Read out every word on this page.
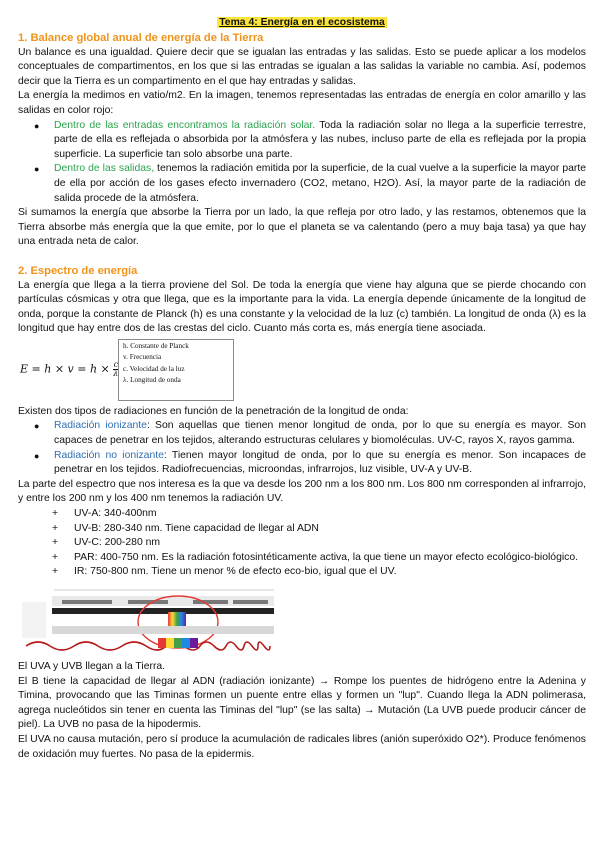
Tema 4: Energía en el ecosistema
1. Balance global anual de energía de la Tierra

Un balance es una igualdad. Quiere decir que se igualan las entradas y las salidas. Esto se puede aplicar a los modelos conceptuales de compartimentos, en los que si las entradas se igualan a las salidas la variable no cambia. Así, podemos decir que la Tierra es un compartimento en el que hay entradas y salidas.

La energía la medimos en vatio/m2. En la imagen, tenemos representadas las entradas de energía en color amarillo y las salidas en color rojo:

● Dentro de las entradas encontramos la radiación solar. Toda la radiación solar no llega a la superficie terrestre, parte de ella es reflejada o absorbida por la atmósfera y las nubes, incluso parte de ella es reflejada por la propia superficie. La superficie tan solo absorbe una parte.
● Dentro de las salidas, tenemos la radiación emitida por la superficie, de la cual vuelve a la superficie la mayor parte de ella por acción de los gases efecto invernadero (CO2, metano, H2O). Así, la mayor parte de la radiación de salida procede de la atmósfera.

Si sumamos la energía que absorbe la Tierra por un lado, la que refleja por otro lado, y las restamos, obtenemos que la Tierra absorbe más energía que la que emite, por lo que el planeta se va calentando (pero a muy baja tasa) ya que hay una entrada neta de calor.

2. Espectro de energía

La energía que llega a la tierra proviene del Sol. De toda la energía que viene hay alguna que se pierde chocando con partículas cósmicas y otra que llega, que es la importante para la vida. La energía depende únicamente de la longitud de onda, porque la constante de Planck (h) es una constante y la velocidad de la luz (c) también. La longitud de onda (λ) es la longitud que hay entre dos de las crestas del ciclo. Cuanto más corta es, más energía tiene asociada.

$E = h \times v = h \times \frac{c}{\lambda}$
h. Constante de Planck
v. Frecuencia
c. Velocidad de la luz
λ. Longitud de onda

Existen dos tipos de radiaciones en función de la penetración de la longitud de onda:

● Radiación ionizante: Son aquellas que tienen menor longitud de onda, por lo que su energía es mayor. Son capaces de penetrar en los tejidos, alterando estructuras celulares y biomoléculas. UV-C, rayos X, rayos gamma.
● Radiación no ionizante: Tienen mayor longitud de onda, por lo que su energía es menor. Son incapaces de penetrar en los tejidos. Radiofrecuencias, microondas, infrarrojos, luz visible, UV-A y UV-B.

La parte del espectro que nos interesa es la que va desde los 200 nm a los 800 nm. Los 800 nm corresponden al infrarrojo, y entre los 200 nm y los 400 nm tenemos la radiación UV.

+ UV-A: 340-400nm
+ UV-B: 280-340 nm. Tiene capacidad de llegar al ADN
+ UV-C: 200-280 nm
+ PAR: 400-750 nm. Es la radiación fotosintéticamente activa, la que tiene un mayor efecto ecológico-biológico.
+ IR: 750-800 nm. Tiene un menor % de efecto eco-bio, igual que el UV.

El UVA y UVB llegan a la Tierra.

El B tiene la capacidad de llegar al ADN (radiación ionizante) → Rompe los puentes de hidrógeno entre la Adenina y Timina, provocando que las Timinas formen un puente entre ellas y formen un "lup". Cuando llega la ADN polimerasa, agrega nucleótidos sin tener en cuenta las Timinas del "lup" (se las salta) → Mutación (La UVB puede producir cáncer de piel). La UVB no pasa de la hipodermis.

El UVA no causa mutación, pero sí produce la acumulación de radicales libres (anión superóxido O2*). Produce fenómenos de oxidación muy fuertes. No pasa de la epidermis.
